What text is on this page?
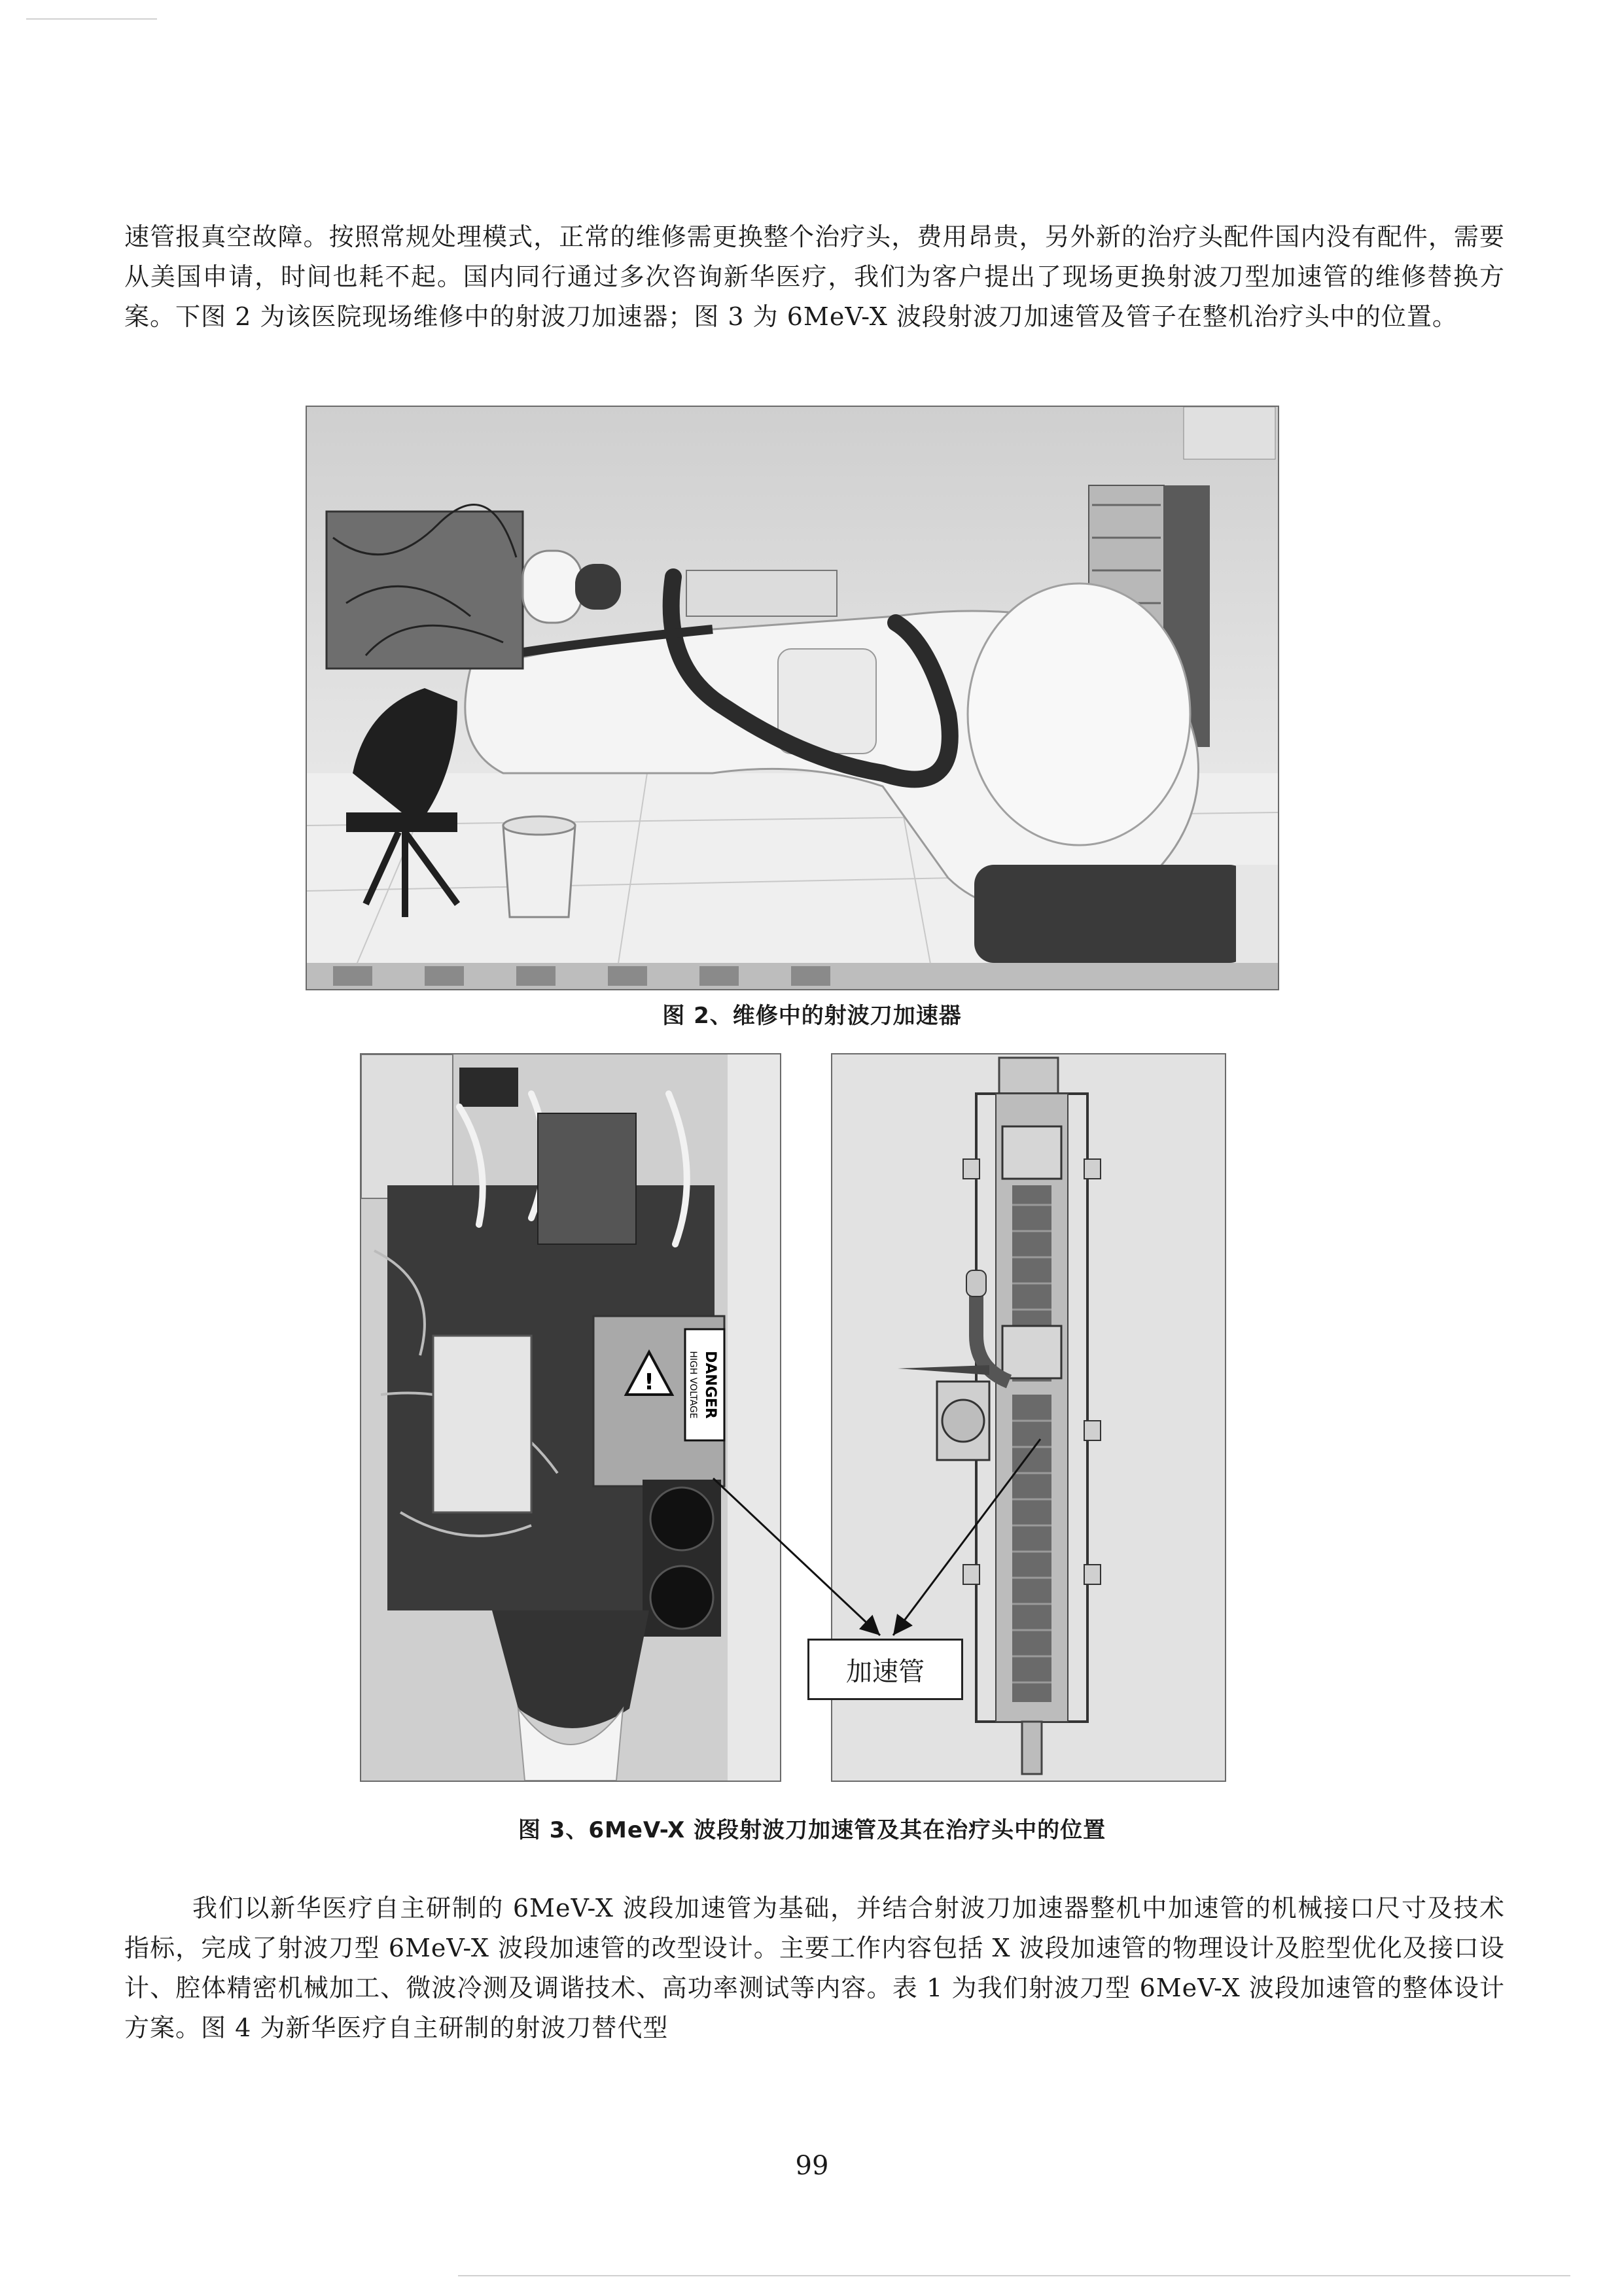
速管报真空故障。按照常规处理模式，正常的维修需更换整个治疗头，费用昂贵，另外新的治疗头配件国内没有配件，需要从美国申请，时间也耗不起。国内同行通过多次咨询新华医疗，我们为客户提出了现场更换射波刀型加速管的维修替换方案。下图 2 为该医院现场维修中的射波刀加速器；图 3 为 6MeV-X 波段射波刀加速管及管子在整机治疗头中的位置。

图 2、维修中的射波刀加速器
!	DANGER
HIGH VOLTAGE
加速管
图 3、6MeV-X 波段射波刀加速管及其在治疗头中的位置

我们以新华医疗自主研制的 6MeV-X 波段加速管为基础，并结合射波刀加速器整机中加速管的机械接口尺寸及技术指标，完成了射波刀型 6MeV-X 波段加速管的改型设计。主要工作内容包括 X 波段加速管的物理设计及腔型优化及接口设计、腔体精密机械加工、微波冷测及调谐技术、高功率测试等内容。表 1 为我们射波刀型 6MeV-X 波段加速管的整体设计方案。图 4 为新华医疗自主研制的射波刀替代型

99
